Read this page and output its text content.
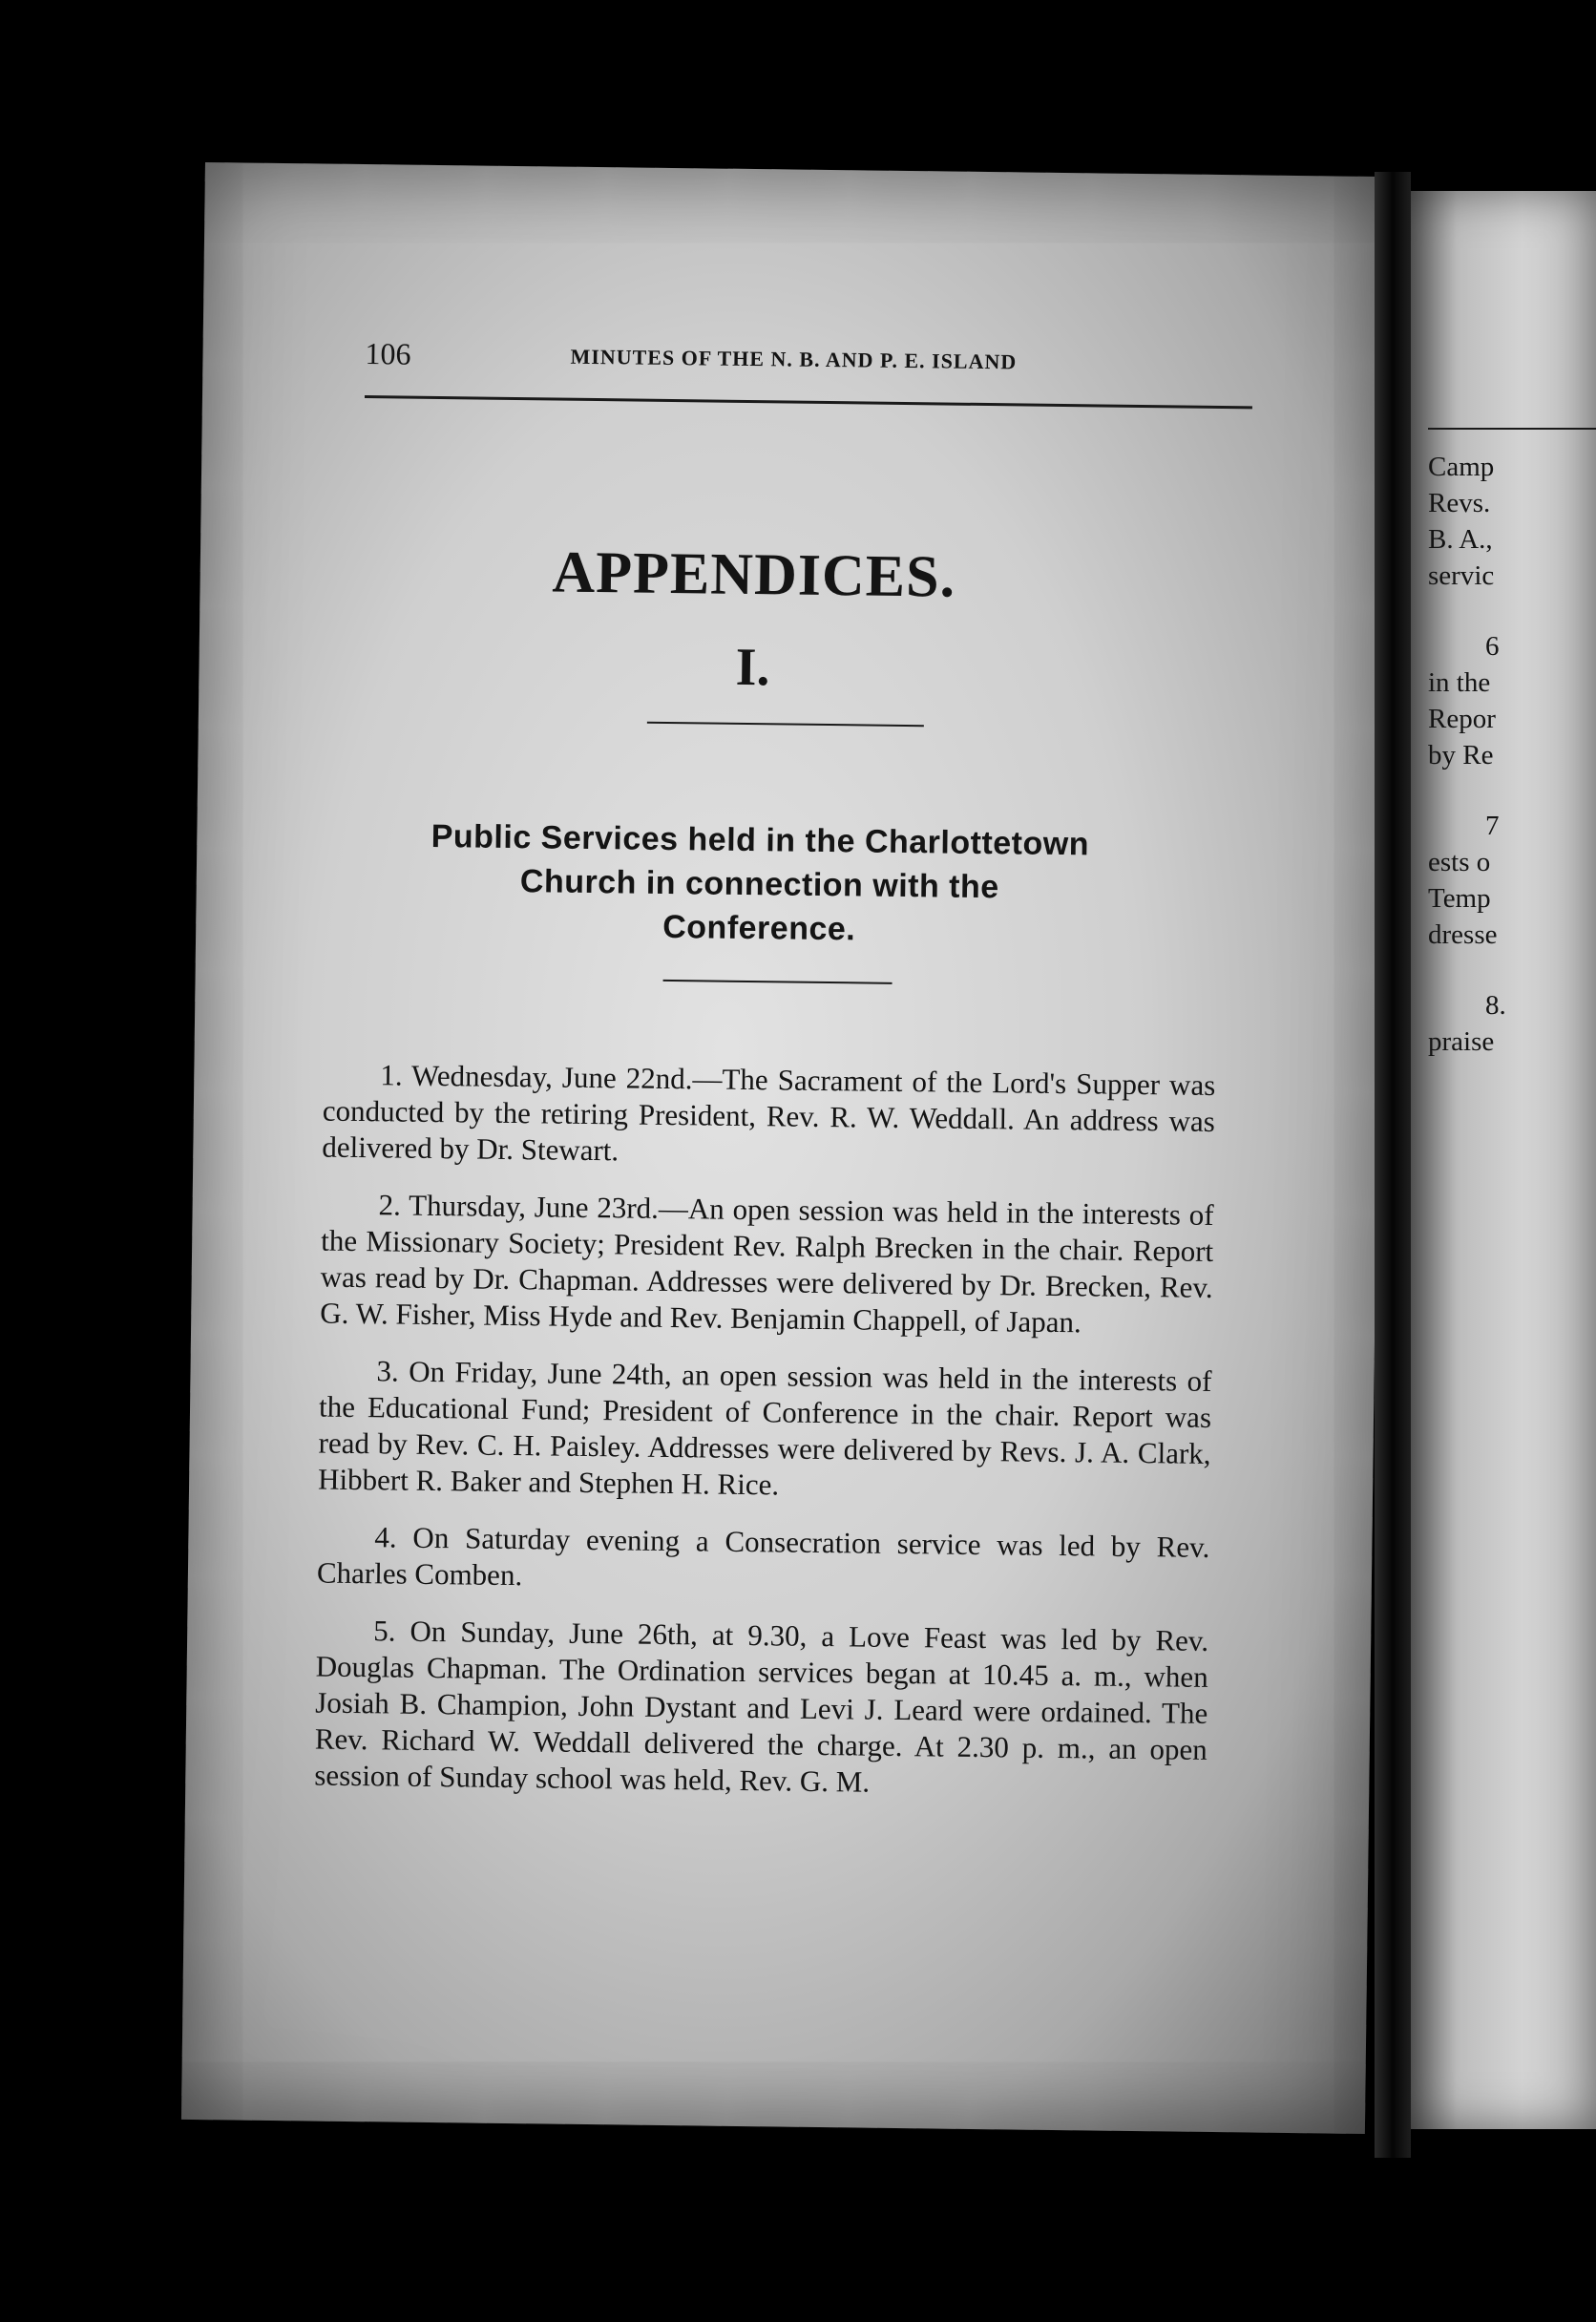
106	MINUTES OF THE N. B. AND P. E. ISLAND
APPENDICES.
I.
Public Services held in the Charlottetown
Church in connection with the
Conference.

1. Wednesday, June 22nd.—The Sacrament of the Lord's Supper was conducted by the retiring President, Rev. R. W. Weddall. An address was delivered by Dr. Stewart.

2. Thursday, June 23rd.—An open session was held in the interests of the Missionary Society; President Rev. Ralph Brecken in the chair. Report was read by Dr. Chapman. Addresses were delivered by Dr. Brecken, Rev. G. W. Fisher, Miss Hyde and Rev. Benjamin Chappell, of Japan.

3. On Friday, June 24th, an open session was held in the interests of the Educational Fund; President of Conference in the chair. Report was read by Rev. C. H. Paisley. Addresses were delivered by Revs. J. A. Clark, Hibbert R. Baker and Stephen H. Rice.

4. On Saturday evening a Consecration service was led by Rev. Charles Comben.

5. On Sunday, June 26th, at 9.30, a Love Feast was led by Rev. Douglas Chapman. The Ordination services began at 10.45 a. m., when Josiah B. Champion, John Dystant and Levi J. Leard were ordained. The Rev. Richard W. Weddall delivered the charge. At 2.30 p. m., an open session of Sunday school was held, Rev. G. M.

Camp
Revs.
B. A.,
servic
6
in the
Repor
by Re
7
ests o
Temp
dresse
8.
praise
